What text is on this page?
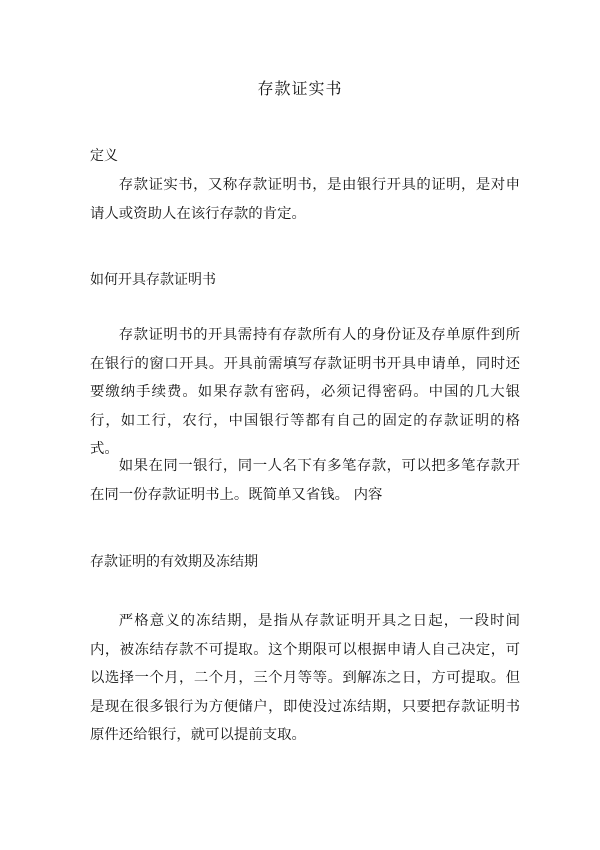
存款证实书
定义

存款证实书，又称存款证明书，是由银行开具的证明，是对申请人或资助人在该行存款的肯定。

如何开具存款证明书

存款证明书的开具需持有存款所有人的身份证及存单原件到所在银行的窗口开具。开具前需填写存款证明书开具申请单，同时还要缴纳手续费。如果存款有密码，必须记得密码。中国的几大银行，如工行，农行，中国银行等都有自己的固定的存款证明的格式。

如果在同一银行，同一人名下有多笔存款，可以把多笔存款开在同一份存款证明书上。既简单又省钱。 内容

存款证明的有效期及冻结期

严格意义的冻结期，是指从存款证明开具之日起，一段时间内，被冻结存款不可提取。这个期限可以根据申请人自己决定，可以选择一个月，二个月，三个月等等。到解冻之日，方可提取。但是现在很多银行为方便储户，即使没过冻结期，只要把存款证明书原件还给银行，就可以提前支取。
